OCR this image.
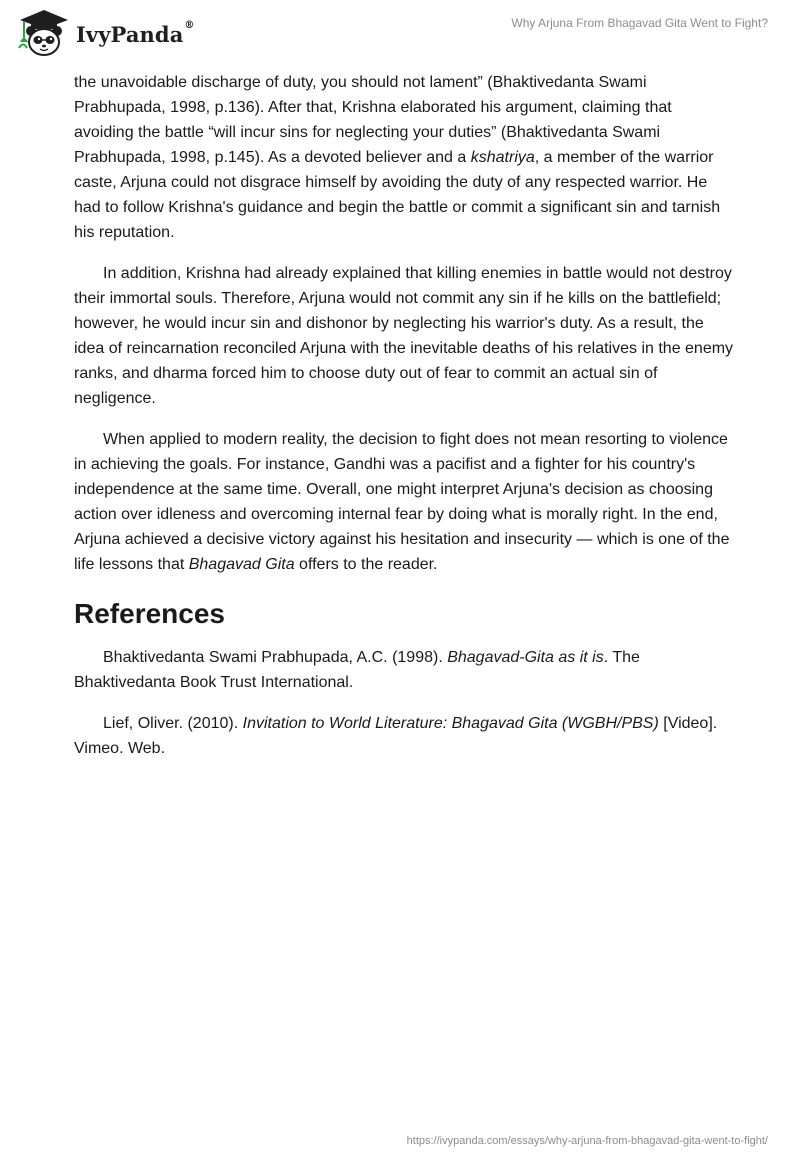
IvyPanda®	Why Arjuna From Bhagavad Gita Went to Fight?

the unavoidable discharge of duty, you should not lament” (Bhaktivedanta Swami Prabhupada, 1998, p.136). After that, Krishna elaborated his argument, claiming that avoiding the battle “will incur sins for neglecting your duties” (Bhaktivedanta Swami Prabhupada, 1998, p.145). As a devoted believer and a kshatriya, a member of the warrior caste, Arjuna could not disgrace himself by avoiding the duty of any respected warrior. He had to follow Krishna's guidance and begin the battle or commit a significant sin and tarnish his reputation.

In addition, Krishna had already explained that killing enemies in battle would not destroy their immortal souls. Therefore, Arjuna would not commit any sin if he kills on the battlefield; however, he would incur sin and dishonor by neglecting his warrior's duty. As a result, the idea of reincarnation reconciled Arjuna with the inevitable deaths of his relatives in the enemy ranks, and dharma forced him to choose duty out of fear to commit an actual sin of negligence.

When applied to modern reality, the decision to fight does not mean resorting to violence in achieving the goals. For instance, Gandhi was a pacifist and a fighter for his country's independence at the same time. Overall, one might interpret Arjuna's decision as choosing action over idleness and overcoming internal fear by doing what is morally right. In the end, Arjuna achieved a decisive victory against his hesitation and insecurity — which is one of the life lessons that Bhagavad Gita offers to the reader.

References

Bhaktivedanta Swami Prabhupada, A.C. (1998). Bhagavad-Gita as it is. The Bhaktivedanta Book Trust International.

Lief, Oliver. (2010). Invitation to World Literature: Bhagavad Gita (WGBH/PBS) [Video]. Vimeo. Web.

https://ivypanda.com/essays/why-arjuna-from-bhagavad-gita-went-to-fight/
